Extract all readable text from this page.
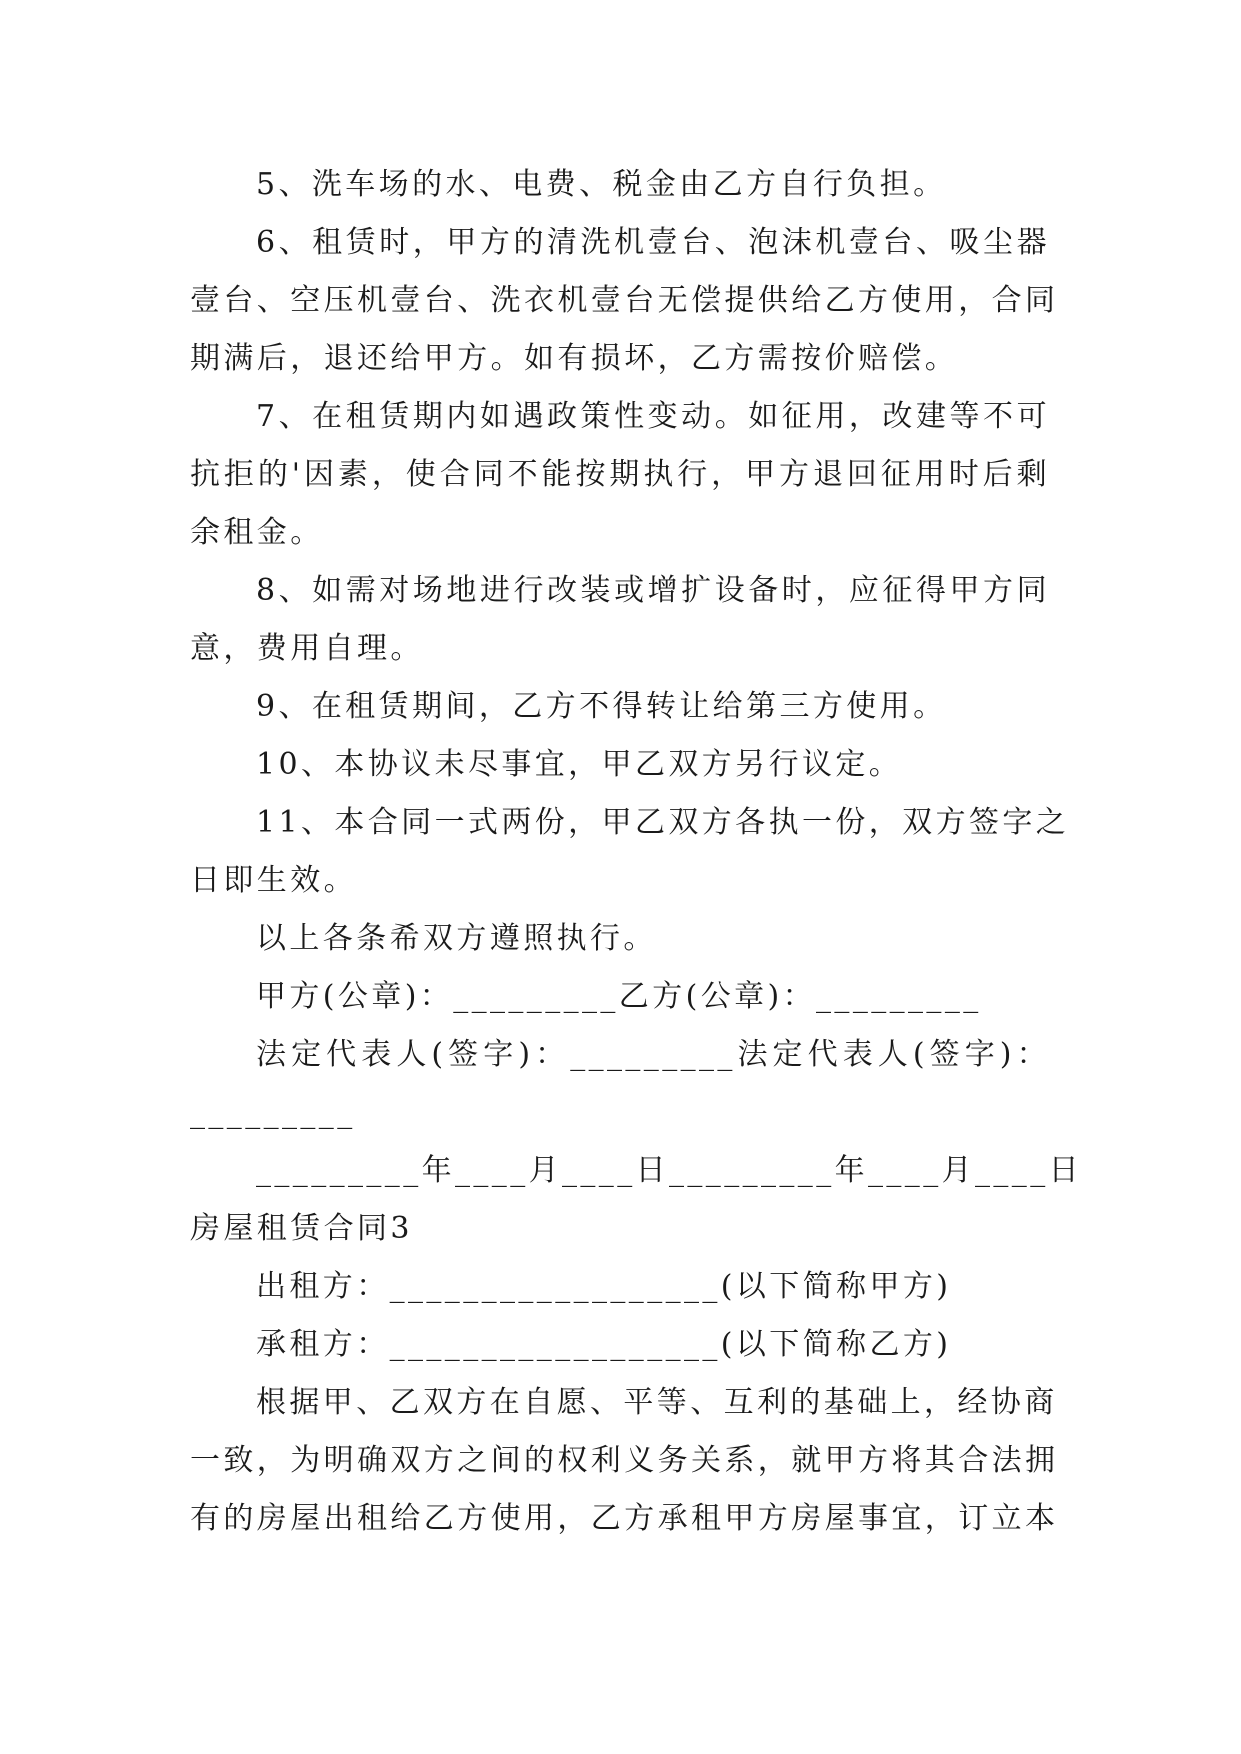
5、洗车场的水、电费、税金由乙方自行负担。
6、租赁时，甲方的清洗机壹台、泡沫机壹台、吸尘器
壹台、空压机壹台、洗衣机壹台无偿提供给乙方使用，合同
期满后，退还给甲方。如有损坏，乙方需按价赔偿。
7、在租赁期内如遇政策性变动。如征用，改建等不可
抗拒的'因素，使合同不能按期执行，甲方退回征用时后剩
余租金。
8、如需对场地进行改装或增扩设备时，应征得甲方同
意，费用自理。
9、在租赁期间，乙方不得转让给第三方使用。
10、本协议未尽事宜，甲乙双方另行议定。
11、本合同一式两份，甲乙双方各执一份，双方签字之
日即生效。
以上各条希双方遵照执行。
甲方(公章)：_________乙方(公章)：_________
法定代表人(签字)：_________法定代表人(签字)：
_________
_________年____月____日_________年____月____日
房屋租赁合同3
出租方：__________________(以下简称甲方)
承租方：__________________(以下简称乙方)
根据甲、乙双方在自愿、平等、互利的基础上，经协商
一致，为明确双方之间的权利义务关系，就甲方将其合法拥
有的房屋出租给乙方使用，乙方承租甲方房屋事宜，订立本
